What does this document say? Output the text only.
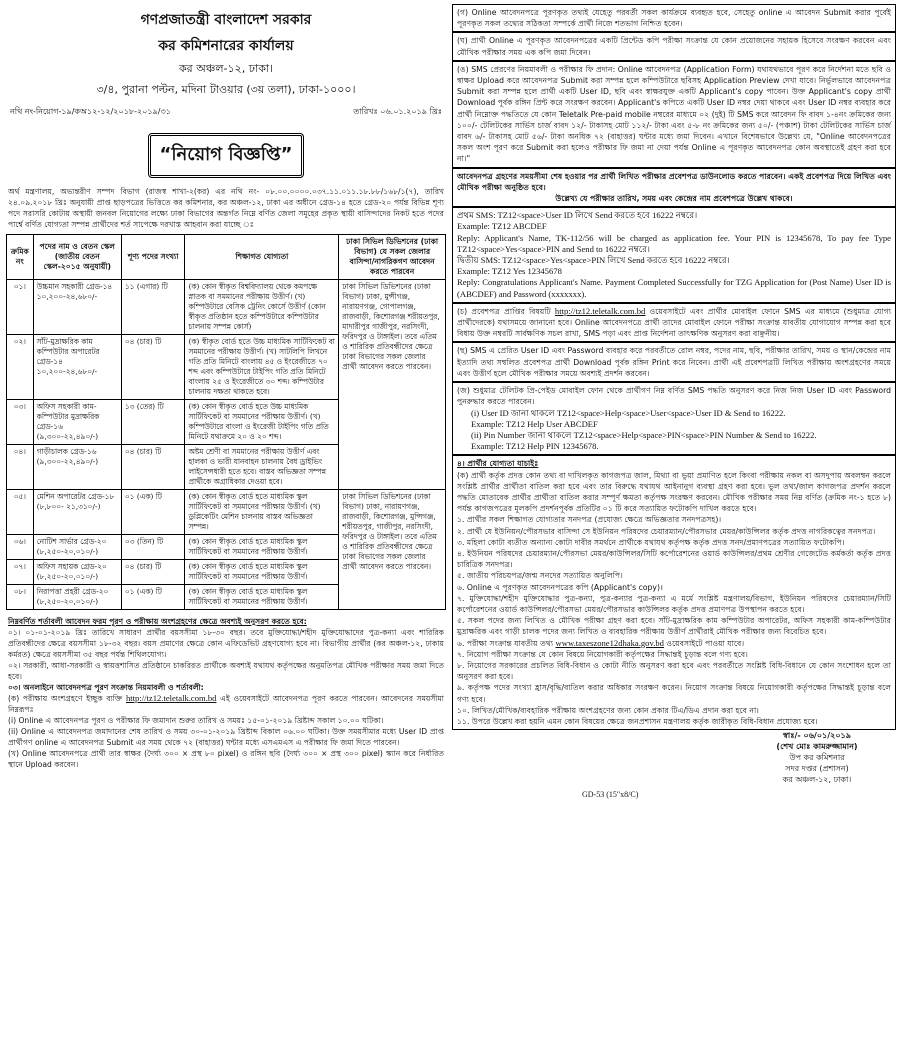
গণপ্রজাতন্ত্রী বাংলাদেশ সরকার
কর কমিশনারের কার্যালয়
কর অঞ্চল-১২, ঢাকা।
৩/৪, পুরানা পল্টন, মদিনা টাওয়ার (৩য় তলা), ঢাকা-১০০০।
নথি নং-নিয়োগ-১৯/কঅ১২-১২/২০১৮-২০১৯/৩১	তারিখঃ ০৬.০১.২০১৯ খ্রিঃ
“নিয়োগ বিজ্ঞপ্তি”
অর্থ মন্ত্রণালয়, অভ্যন্তরীণ সম্পদ বিভাগ (রাজস্ব শাখা-২(কর) এর নথি নং- ০৮.০০.০০০০.০৩৭.১১.০১১.১৮.৮৮/১৬৮/১(৭), তারিখ ২৪.০৯.২০১৮ খ্রিঃ অনুযায়ী প্রাপ্ত ছাড়পত্রের ভিত্তিতে কর কমিশনার, কর অঞ্চল-১২, ঢাকা এর অধীনে গ্রেড-১৪ হতে গ্রেড-২০ পর্যন্ত বিভিন্ন শূণ্য পদে সরাসরি কোটায় অস্থায়ী জনবল নিয়োগের লক্ষ্যে ঢাকা বিভাগের অন্তর্গত নিম্নে বর্ণিত জেলা সমূহের প্রকৃত স্থায়ী বাসিন্দাদের নিকট হতে পদের পার্শ্বে বর্ণিত যোগ্যতা সম্পন্ন প্রার্থীদের শর্ত সাপেক্ষে দরখাস্ত আহবান করা যাচ্ছে ঃ
ক্রমিক নং	পদের নাম ও বেতন স্কেল (জাতীয় বেতন স্কেল-২০১৫ অনুযায়ী)	শূণ্য পদের সংখ্যা	শিক্ষাগত যোগ্যতা	ঢাকা সিভিল ডিভিশনের (ঢাকা বিভাগ) যে সকল জেলার বাসিন্দা/নাগরিকগণ আবেদন করতে পারবেন
০১।	উচ্চমান সহকারী গ্রেড-১৪ ১০,২০০-২৪,৬৮০/-	১১ (এগার) টি	(ক) কোন স্বীকৃত বিশ্ববিদ্যালয় থেকে কমপক্ষে স্নাতক বা সমমানের পরীক্ষায় উত্তীর্ণ। (খ) কম্পিউটারে বেসিক ট্রেনিং কোর্সে উত্তীর্ণ (কোন স্বীকৃত প্রতিষ্ঠান হতে কম্পিউটারে কম্পিউটার চালনায় সম্পন্ন কোর্স)	ঢাকা সিভিল ডিভিশনের (ঢাকা বিভাগ) ঢাকা, মুন্সীগঞ্জ, নারায়ণগঞ্জ, গোপালগঞ্জ, রাজবাড়ী, কিশোরগঞ্জ শরীয়তপুর, মাদারীপুর গাজীপুর, নরসিংদী, ফরিদপুর ও টাঙ্গাইল। তবে এতিম ও শারিরিক প্রতিবন্ধীদের ক্ষেত্রে ঢাকা বিভাগের সকল জেলার প্রার্থী আবেদন করতে পারবেন।
০২।	সাঁট-মুদ্রাক্ষরিক কাম কম্পিউটার অপারেটর গ্রেড-১৪ ১০,২০০-২৪,৬৮০/-	০৪ (চার) টি	(ক) স্বীকৃত বোর্ড হতে উচ্চ মাধ্যমিক সার্টিফিকেট বা সমমানের পরীক্ষায় উত্তীর্ণ। (খ) সাটলিপি লিখনে গতি প্রতি মিনিটে বাংলায় ৪৫ ও ইংরেজীতে ৭০ শব্দ এবং কম্পিউটারে টাইপিং গতি প্রতি মিনিটে বাংলায় ২৫ ও ইংরেজীতে ৩০ শব্দ। কম্পিউটার চালনায় দক্ষতা থাকতে হবে।	
০৩।	অফিস সহকারী কাম-কম্পিউটার মুদ্রাক্ষরিক গ্রেড-১৬ (৯,৩০০-২২,৪৯০/-)	১৩ (তের) টি	(ক) কোন স্বীকৃত বোর্ড হতে উচ্চ মাধ্যমিক সার্টিফিকেট বা সমমানের পরীক্ষায় উত্তীর্ণ। (খ) কম্পিউটারে বাংলা ও ইংরেজী টাইপিং গতি প্রতি মিনিটে যথাক্রমে ২০ ও ২০ শব্দ।	
০৪।	গাড়ীচালক গ্রেড-১৬ (৯,৩০০-২২,৪৯০/-)	০৪ (চার) টি	অষ্টম শ্রেণী বা সমমানের পরীক্ষায় উত্তীর্ণ এবং হালকা ও ভারী যানবাহন চালনায় বৈধ ড্রাইভিং লাইসেন্সধারী হতে হবে। বাস্তব অভিজ্ঞতা সম্পন্ন প্রার্থীকে অগ্রাধিকার দেওয়া হবে।	
০৫।	মেশিন অপারেটর গ্রেড-১৮ (৮,৮০০- ২১,৩১০/-)	০১ (এক) টি	(ক) কোন স্বীকৃত বোর্ড হতে মাধ্যমিক স্কুল সার্টিফিকেট বা সমমানের পরীক্ষায় উত্তীর্ণ। (খ) ডুপ্লিকেটিং মেশিন চালনায় বাস্তব অভিজ্ঞতা সম্পন্ন।	ঢাকা সিভিল ডিভিশনের (ঢাকা বিভাগ) ঢাকা, নারায়ণগঞ্জ, রাজবাড়ী, কিশোরগঞ্জ, মুন্সিগঞ্জ, শরীয়তপুর, গাজীপুর, নরসিংদী, ফরিদপুর ও টাঙ্গাইল। তবে এতিম ও শারিরিক প্রতিবন্ধীদের ক্ষেত্রে ঢাকা বিভাগের সকল জেলার প্রার্থী আবেদন করতে পারবেন।
০৬।	নোটিশ সার্ভার গ্রেড-২০ (৮,২৫০-২০,০১০/-)	০৩ (তিন) টি	(ক) কোন স্বীকৃত বোর্ড হতে মাধ্যমিক স্কুল সার্টিফিকেট বা সমমানের পরীক্ষায় উত্তীর্ণ।	
০৭।	অফিস সহায়ক গ্রেড-২০ (৮,২৫০-২০,০১০/-)	০৪ (চার) টি	(ক) কোন স্বীকৃত বোর্ড হতে মাধ্যমিক স্কুল সার্টিফিকেট বা সমমানের পরীক্ষায় উত্তীর্ণ।	
০৮।	নিরাপত্তা প্রহরী গ্রেড-২০ (৮,২৫০-২০,০১০/-)	০১ (এক) টি	(ক) কোন স্বীকৃত বোর্ড হতে মাধ্যমিক স্কুল সার্টিফিকেট বা সমমানের পরীক্ষায় উত্তীর্ণ।	
নিম্নবর্ণিত শর্তাবলী আবেদন ফরম পূরণ ও পরীক্ষায় অংশগ্রহণের ক্ষেত্রে অবশ্যই অনুসরণ করতে হবে:
০১। ০১-০১-২০১৯ খ্রিঃ তারিখে সাধারণ প্রার্থীর বয়সসীমা ১৮-৩০ বছর। তবে মুক্তিযোদ্ধা/শহীদ মুক্তিযোদ্ধাদের পুত্র-কন্যা এবং শারিরিক প্রতিবন্ধীদের ক্ষেত্রে বয়সসীমা ১৮-৩২ বছর। বয়স প্রমাণের ক্ষেত্রে কোন এফিডেভিট গ্রহণযোগ্য হবে না। বিভাগীয় প্রার্থীর (কর অঞ্চল-১২, ঢাকায় কর্মরত) ক্ষেত্রে বয়সসীমা ৩৫ বছর পর্যন্ত শিথিলযোগ্য।
০২। সরকারী, আধা-সরকারী ও স্বায়ত্তশাসিত প্রতিষ্ঠানে চাকরিরত প্রার্থীকে অবশ্যই যথাযথ কর্তৃপক্ষের অনুমতিপত্র মৌখিক পরীক্ষার সময় জমা দিতে হবে।
০৩। অনলাইনে আবেদনপত্র পূরণ সংক্রান্ত নিয়মাবলী ও শর্তাবলী:
(ক) পরীক্ষায় অংশগ্রহণে ইচ্ছুক ব্যক্তি http://tz12.teletalk.com.bd এই ওয়েবসাইটে আবেদনপত্র পূরণ করতে পারবেন। আবেদনের সময়সীমা নিম্নরূপঃ
(i) Online এ আবেদনপত্র পূরণ ও পরীক্ষার ফি জমাদান শুরুর তারিখ ও সময়ঃ ১৫-০১-২০১৯ খ্রিষ্টাব্দ সকাল ১০.০০ ঘটিকা।
(ii) Online এ আবেদনপত্র জমাদানের শেষ তারিখ ও সময় ৩০-০১-২০১৯ খ্রিষ্টাব্দ বিকাল ০৬.০০ ঘটিকা। উক্ত সময়সীমার মধ্যে User ID প্রাপ্ত প্রার্থীগণ online এ আবেদনপত্র Submit এর সময় থেকে ৭২ (বাহাত্তর) ঘন্টার মধ্যে এসএমএস এ পরীক্ষার ফি জমা দিতে পারবেন।
(খ) Online আবেদনপত্রে প্রার্থী তার স্বাক্ষর (দৈর্ঘ্য ৩০০ × প্রস্থ ৮০ pixel) ও রঙ্গিন ছবি (দৈর্ঘ্য ৩০০ × প্রস্থ ৩০০ pixel) স্ক্যান করে নির্ধারিত স্থানে Upload করবেন।
(গ) Online আবেদনপত্রে পূরণকৃত তথ্যই যেহেতু পরবর্তী সকল কার্যক্রমে ব্যবহৃত হবে, সেহেতু online এ আবেদন Submit করার পূর্বেই পূরণকৃত সকল তথ্যের সঠিকতা সম্পর্কে প্রার্থী নিজে শতভাগ নিশ্চিত হবেন।
(ঘ) প্রার্থী Online এ পূরণকৃত আবেদনপত্রের একটি প্রিন্টেড কপি পরীক্ষা সংক্রান্ত যে কোন প্রয়োজনের সহায়ক হিসেবে সংরক্ষণ করবেন এবং মৌখিক পরীক্ষার সময় এক কপি জমা দিবেন।
(ঙ) SMS প্রেরণের নিয়মাবলী ও পরীক্ষার ফি প্রদান: Online আবেদনপত্র (Application Form) যথাযথভাবে পূরণ করে নির্দেশনা মতে ছবি ও স্বাক্ষর Upload করে আবেদনপত্র Submit করা সম্পন্ন হলে কম্পিউটারে ছবিসহ Application Preview দেখা যাবে। নির্ভুলভাবে আবেদনপত্র Submit করা সম্পন্ন হলে প্রার্থী একটি User ID, ছবি এবং স্বাক্ষরযুক্ত একটি Applicant's copy পাবেন। উক্ত Applicant's copy প্রার্থী Download পূর্বক রঙ্গিন প্রিন্ট করে সংরক্ষণ করবেন। Applicant's কপিতে একটি User ID নম্বর দেয়া থাকবে এবং User ID নম্বর ব্যবহার করে প্রার্থী নিম্নোক্ত পদ্ধতিতে যে কোন Teletalk Pre-paid mobile নম্বরের মাধ্যমে ০২ (দুই) টি SMS করে আবেদন ফি বাবদ ১-৪নং ক্রমিকের জন্য ১০০/- টেলিটকের সার্ভিস চার্জ বাবদ ১২/- টাকাসহ মোট ১১২/- টাকা এবং ৫-৮ নং ক্রমিকের জন্য ৫০/- (পঞ্চাশ) টাকা টেলিটকের সার্ভিস চার্জ বাবদ ৬/- টাকাসহ মোট ৫৬/- টাকা অনধিক ৭২ (বাহাত্তর) ঘন্টার মধ্যে জমা দিবেন। এখানে বিশেষভাবে উল্লেখ্য যে, "Online আবেদনপত্রের সকল অংশ পূরণ করে Submit করা হলেও পরীক্ষার ফি জমা না দেয়া পর্যন্ত Online এ পূরণকৃত আবেদনপত্র কোন অবস্থাতেই গ্রহণ করা হবে না।"
আবেদনপত্র গ্রহণের সময়সীমা শেষ হওয়ার পর প্রার্থী লিখিত পরীক্ষার প্রবেশপত্র ডাউনলোড করতে পারবেন। একই প্রবেশপত্র দিয়ে লিখিত এবং মৌখিক পরীক্ষা অনুষ্ঠিত হবে।
উল্লেখ্য যে পরীক্ষার তারিখ, সময় এবং কেন্দ্রের নাম প্রবেশপত্রে উল্লেখ থাকবে।
প্রথম SMS: TZ12<space>User ID লিখে Send করতে হবে 16222 নম্বরে।
Example: TZ12 ABCDEF
Reply: Applicant's Name, TK-112/56 will be charged as application fee. Your PIN is 12345678, To pay fee Type TZ12<space>Yes<space>PIN and Send to 16222 নম্বরে।
দ্বিতীয় SMS: TZ12<space>Yes<space>PIN লিখে Send করতে হবে 16222 নম্বরে।
Example: TZ12 Yes 12345678
Reply: Congratulations Applicant's Name. Payment Completed Successfully for TZG Application for (Post Name) User ID is (ABCDEF) and Password (xxxxxxx).
(চ) প্রবেশপত্র প্রাপ্তির বিষয়টি http://tz12.teletalk.com.bd ওয়েবসাইটে এবং প্রার্থীর মোবাইল ফোনে SMS এর মাধ্যমে (শুধুমাত্র যোগ্য প্রার্থীদেরকে) যথাসময়ে জানানো হবে। Online আবেদনপত্রে প্রার্থী তাদের মোবাইল ফোনে পরীক্ষা সংক্রান্ত যাবতীয় যোগাযোগ সম্পন্ন করা হবে বিধায় উক্ত নম্বরটি সার্বক্ষণিক সচল রাখা, SMS পড়া এবং প্রাপ্ত নির্দেশনা তাৎক্ষণিক অনুসরণ করা বাঞ্ছনীয়।
(ছ) SMS এ প্রেরিত User ID এবং Password ব্যবহার করে পরবর্তীতে রোল নম্বর, পদের নাম, ছবি, পরীক্ষার তারিখ, সময় ও স্থান/কেন্দ্রের নাম ইত্যাদি তথ্য সম্বলিত প্রবেশপত্র প্রার্থী Download পূর্বক রঙ্গিন Print করে নিবেন। প্রার্থী এই প্রবেশপত্রটি লিখিত পরীক্ষায় অংশগ্রহণের সময়ে এবং উত্তীর্ণ হলে মৌখিক পরীক্ষার সময়ে অবশ্যই প্রদর্শন করবেন।
(জ) শুধুমাত্র টেলিটক প্রি-পেইড মোবাইল ফোন থেকে প্রার্থীগণ নিম্ন বর্ণিত SMS পদ্ধতি অনুসরণ করে নিজ নিজ User ID এবং Password পুনরুদ্ধার করতে পারবেন।
(i) User ID জানা থাকলে TZ12<space>Help<space>User<space>User ID & Send to 16222.
Example: TZ12 Help User ABCDEF
(ii) Pin Number জানা থাকলে TZ12<space>Help<space>PIN<space>PIN Number & Send to 16222.
Example: TZ12 Help PIN 12345678.
৪। প্রার্থীর যোগ্যতা যাচাইঃ
(ক) প্রার্থী কর্তৃক প্রদত্ত কোন তথ্য বা দাখিলকৃত কাগজপত্র জাল, মিথ্যা বা ভুয়া প্রমাণিত হলে কিংবা পরীক্ষায় নকল বা অসদুপায় অবলম্বন করলে সংশ্লিষ্ট প্রার্থীর প্রার্থীতা বাতিল করা হবে এবং তার বিরুদ্ধে যথাযথ আইনানুগ ব্যবস্থা গ্রহণ করা হবে। ভুল তথ্য/জাল কাগজপত্র প্রদর্শন করলে পদ্ধতি মোতাবেক প্রার্থীর প্রার্থীতা বাতিল করার সম্পূর্ণ ক্ষমতা কর্তৃপক্ষ সংরক্ষণ করবেন। মৌখিক পরীক্ষার সময় নিম্ন বর্ণিত (ক্রমিক নং-১ হতে ৮) পর্যন্ত কাগজপত্রের মূলকপি প্রদর্শনপূর্বক প্রতিটির ০১ টি করে সত্যায়িত ফটোকপি দাখিল করতে হবে।
১. প্রার্থীর সকল শিক্ষাগত যোগ্যতার সনদপত্র (প্রযোজ্য ক্ষেত্রে অভিজ্ঞতার সনদপত্রসহ)।
২. প্রার্থী যে ইউনিয়ন/পৌরসভার বাসিন্দা সে ইউনিয়ন পরিষদের চেয়ারম্যান/পৌরসভার মেয়র/কাউন্সিলর কর্তৃক প্রদত্ত নাগরিকত্বের সনদপত্র।
৩. মহিলা কোটা ব্যতীত অন্যান্য কোটা দাবীর সমর্থনে প্রার্থীকে যথাযথ কর্তৃপক্ষ কর্তৃক প্রদত্ত সনদ/প্রমাণপত্রের সত্যায়িত ফটোকপি।
৪. ইউনিয়ন পরিষদের চেয়ারম্যান/পৌরসভা মেয়র/কাউন্সিলর/সিটি কর্পোরেশনের ওয়ার্ড কাউন্সিলর/প্রথম শ্রেণীর গেজেটেড কর্মকর্তা কর্তৃক প্রদত্ত চারিত্রিক সনদপত্র।
৫. জাতীয় পরিচয়পত্র/জন্ম সনদের সত্যায়িত অনুলিপি।
৬. Online এ পূরণকৃত আবেদনপত্রের কপি (Applicant's copy)।
৭. মুক্তিযোদ্ধা/শহীদ মুক্তিযোদ্ধার পুত্র-কন্যা, পুত্র-কন্যার পুত্র-কন্যা এ মর্মে সংশ্লিষ্ট মন্ত্রণালয়/বিভাগ, ইউনিয়ন পরিষদের চেয়ারম্যান/সিটি কর্পোরেশনের ওয়ার্ড কাউন্সিলর/পৌরসভা মেয়র/পৌরসভার কাউন্সিলর কর্তৃক প্রদত্ত প্রমাণপত্র উপস্থাপন করতে হবে।
৫. সকল পদের জন্য লিখিত ও মৌখিক পরীক্ষা গ্রহণ করা হবে। সাঁট-মুদ্রাক্ষরিক কাম কম্পিউটার অপারেটর, অফিস সহকারী কাম-কম্পিউটার মুদ্রাক্ষরিক এবং গাড়ী চালক পদের জন্য লিখিত ও ব্যবহারিক পরীক্ষায় উত্তীর্ণ প্রার্থীরাই মৌখিক পরীক্ষার জন্য বিবেচিত হবে।
৬. পরীক্ষা সংক্রান্ত যাবতীয় তথ্য www.taxeszone12dhaka.gov.bd ওয়েবসাইটে পাওয়া যাবে।
৭. নিয়োগ পরীক্ষা সংক্রান্ত যে কোন বিষয়ে নিয়োগকারী কর্তৃপক্ষের সিদ্ধান্তই চূড়ান্ত বলে গণ্য হবে।
৮. নিয়োগের সরকারের প্রচলিত বিধি-বিধান ও কোটা নীতি অনুসরণ করা হবে এবং পরবর্তীতে সংশ্লিষ্ট বিধি-বিধানে যে কোন সংশোধন হলে তা অনুসরণ করা হবে।
৯. কর্তৃপক্ষ পদের সংখ্যা হ্রাস/বৃদ্ধি/বাতিল করার অধিকার সংরক্ষণ করেন। নিয়োগ সংক্রান্ত বিষয়ে নিয়োগকারী কর্তৃপক্ষের সিদ্ধান্তই চূড়ান্ত বলে গণ্য হবে।
১০. লিখিত/মৌখিক/ব্যবহারিক পরীক্ষায় অংশগ্রহণের জন্য কোন প্রকার টিএ/ডিএ প্রদান করা হবে না।
১১. উপরে উল্লেখ করা হয়নি এমন কোন বিষয়ের ক্ষেত্রে জনপ্রশাসন মন্ত্রণালয় কর্তৃক জারীকৃত বিধি-বিধান প্রযোজ্য হবে।
স্বাঃ/- ০৬/০১/২০১৯
(শেখ মোঃ কামরুজ্জামান)
উপ কর কমিশনার
সদর দপ্তর (প্রশাসন)
কর অঞ্চল-১২, ঢাকা।
GD-53 (15"x8/C)
